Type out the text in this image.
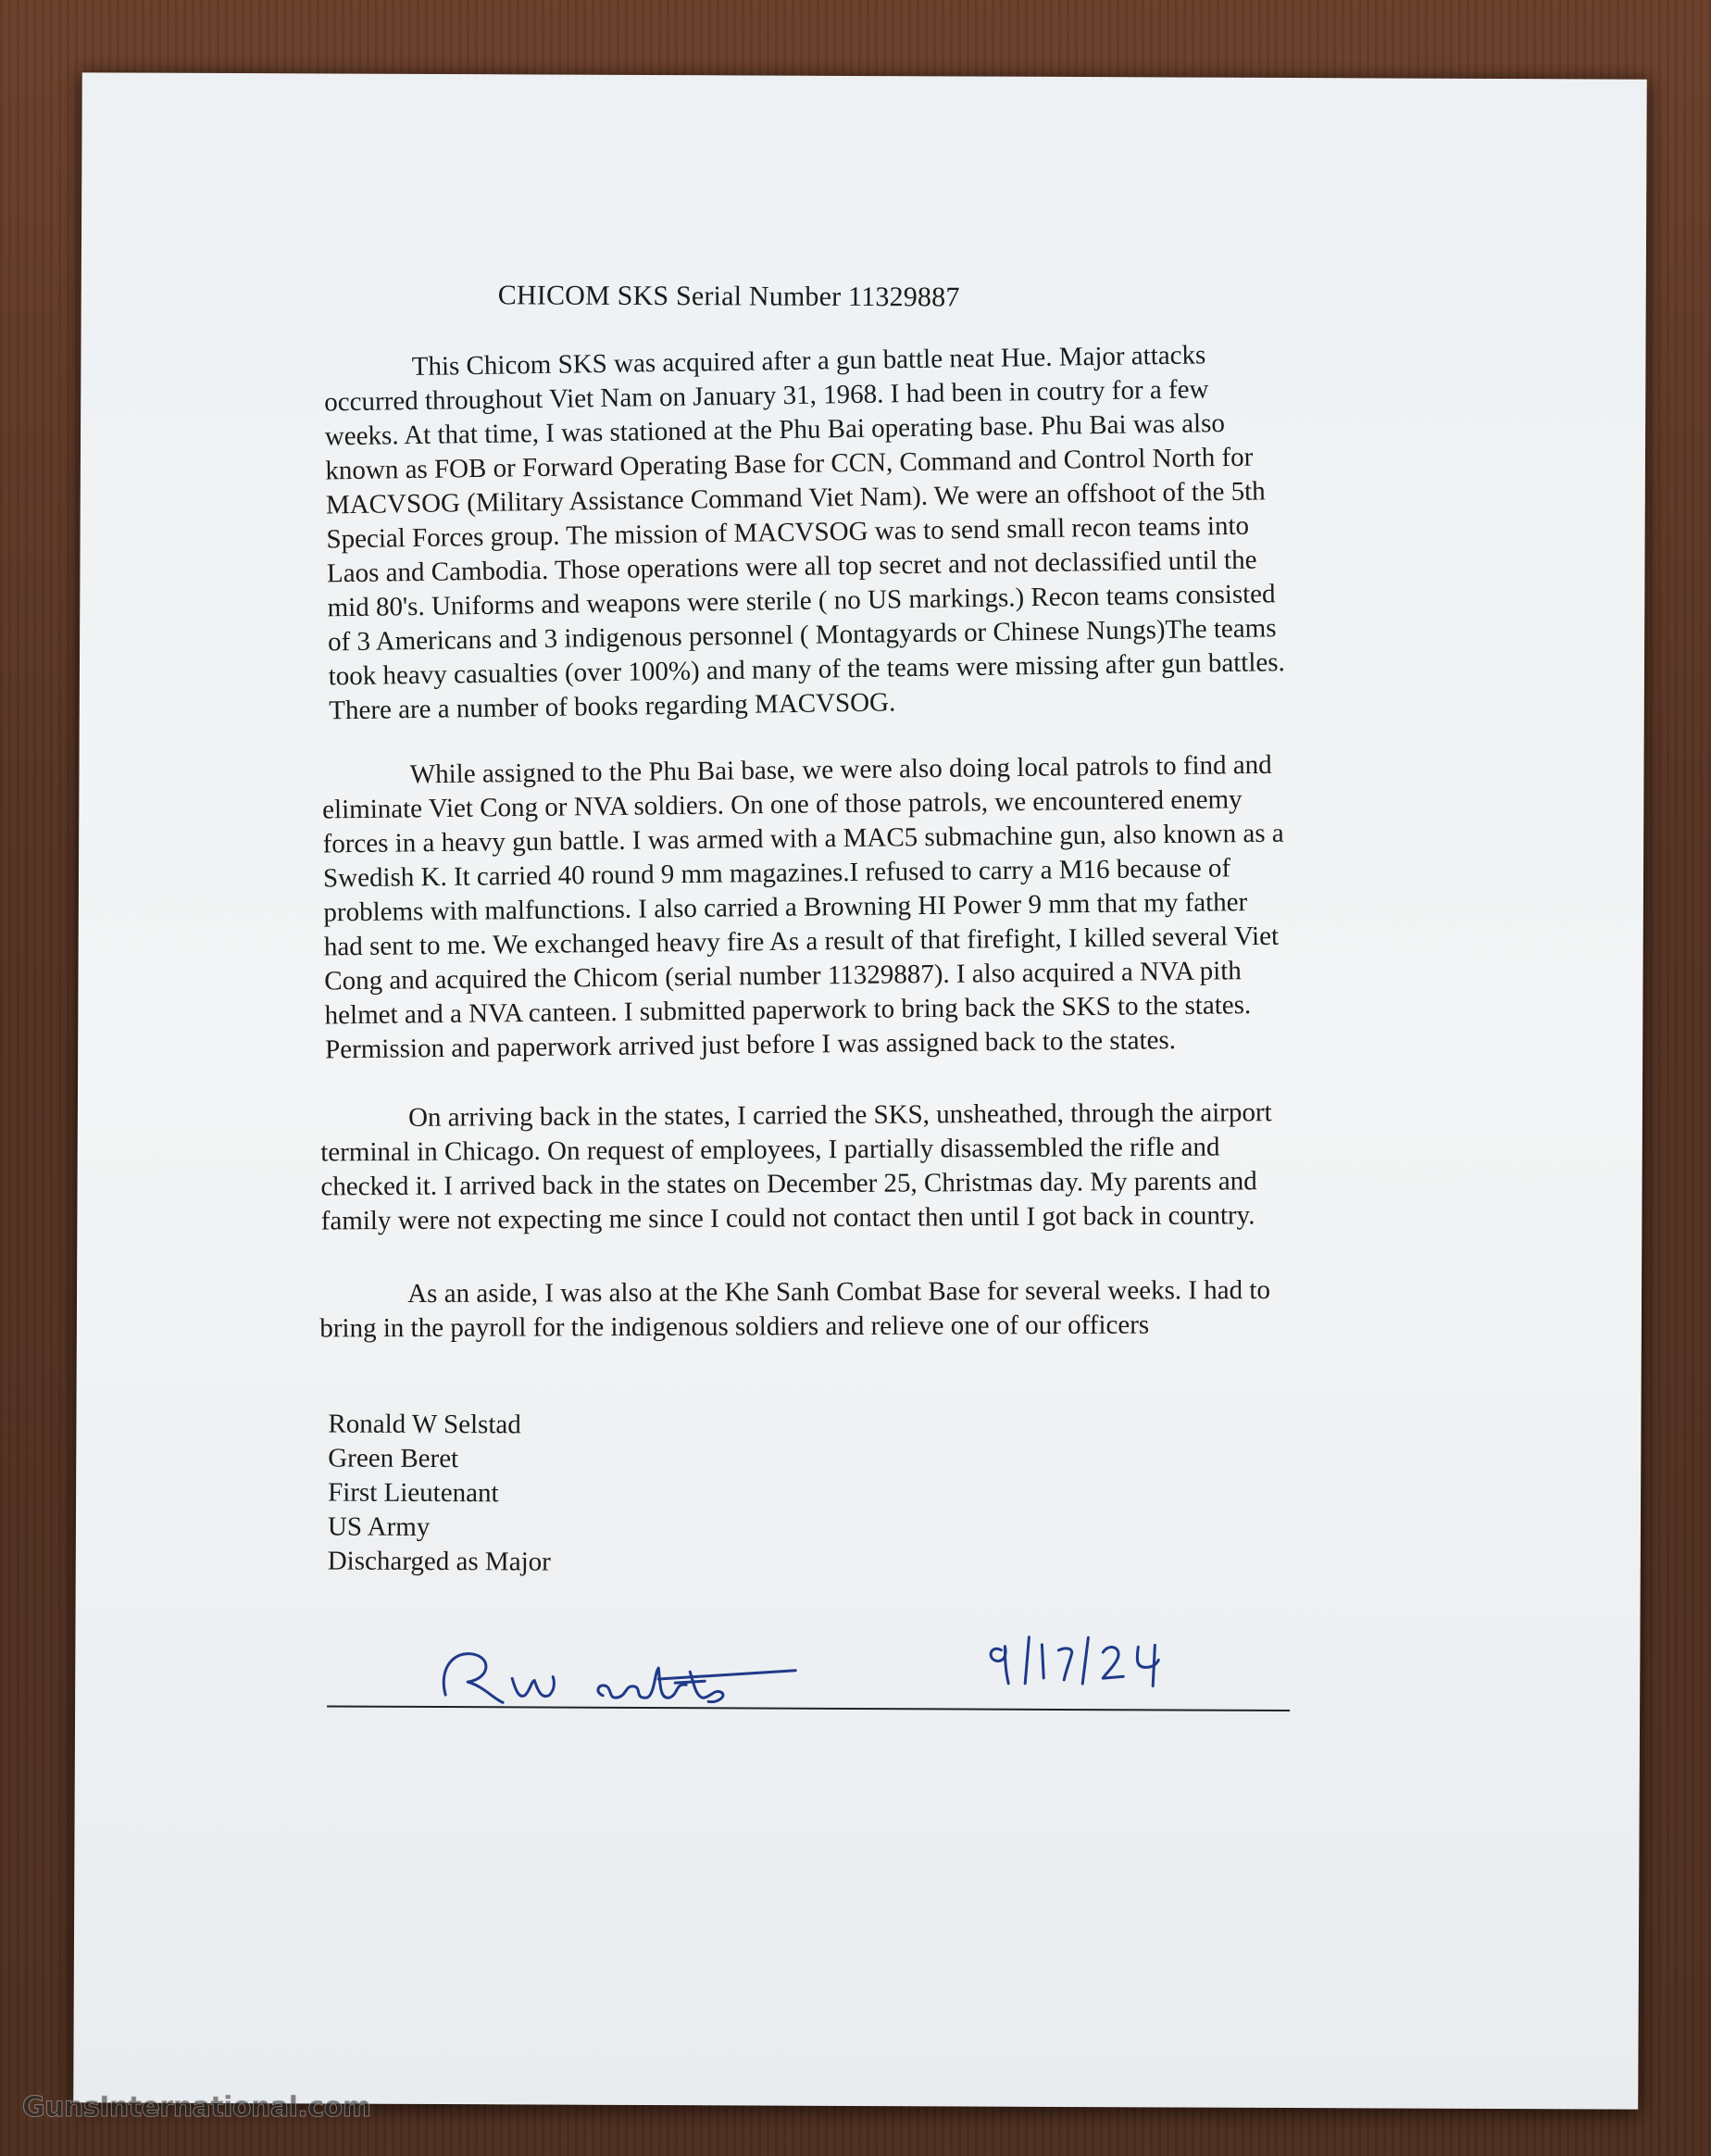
CHICOM SKS Serial Number 11329887
This Chicom SKS was acquired after a gun battle neat Hue. Major attacks
occurred throughout Viet Nam on January 31, 1968. I had been in coutry for a few
weeks. At that time, I was stationed at the Phu Bai operating base. Phu Bai was also
known as FOB or Forward Operating Base for CCN, Command and Control North for
MACVSOG (Military Assistance Command Viet Nam). We were an offshoot of the 5th
Special Forces group. The mission of MACVSOG was to send small recon teams into
Laos and Cambodia. Those operations were all top secret and not declassified until the
mid 80's. Uniforms and weapons were sterile ( no US markings.) Recon teams consisted
of 3 Americans and 3 indigenous personnel ( Montagyards or Chinese Nungs)The teams
took heavy casualties (over 100%) and many of the teams were missing after gun battles.
There are a number of books regarding MACVSOG.
While assigned to the Phu Bai base, we were also doing local patrols to find and
eliminate Viet Cong or NVA soldiers. On one of those patrols, we encountered enemy
forces in a heavy gun battle. I was armed with a MAC5 submachine gun, also known as a
Swedish K. It carried 40 round 9 mm magazines.I refused to carry a M16 because of
problems with malfunctions. I also carried a Browning HI Power 9 mm that my father
had sent to me. We exchanged heavy fire As a result of that firefight, I killed several Viet
Cong and acquired the Chicom (serial number 11329887). I also acquired a NVA pith
helmet and a NVA canteen. I submitted paperwork to bring back the SKS to the states.
Permission and paperwork arrived just before I was assigned back to the states.
On arriving back in the states, I carried the SKS, unsheathed, through the airport
terminal in Chicago. On request of employees, I partially disassembled the rifle and
checked it. I arrived back in the states on December 25, Christmas day. My parents and
family were not expecting me since I could not contact then until I got back in country.
As an aside, I was also at the Khe Sanh Combat Base for several weeks. I had to
bring in the payroll for the indigenous soldiers and relieve one of our officers
Ronald W Selstad
Green Beret
First Lieutenant
US Army
Discharged as Major
GunsInternational.com
